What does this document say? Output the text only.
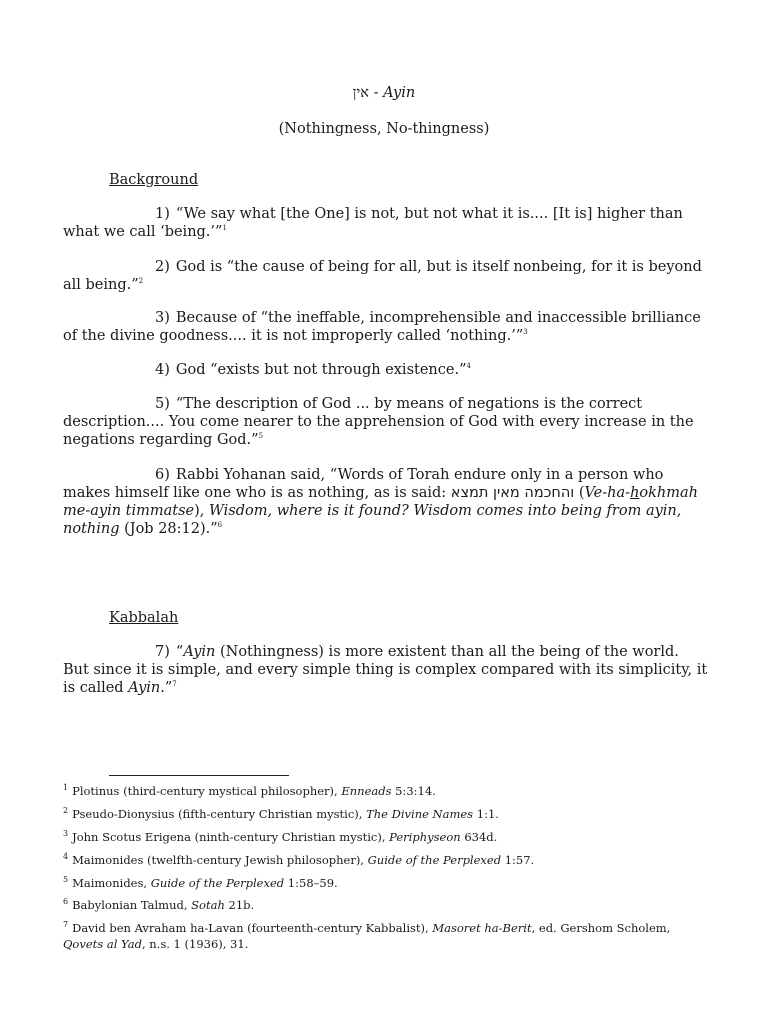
אין - Ayin
(Nothingness, No-thingness)
Background

1) “We say what [the One] is not, but not what it is.... [It is] higher than what we call ‘being.’”$^1$

2) God is “the cause of being for all, but is itself nonbeing, for it is beyond all being.”$^2$

3) Because of “the ineffable, incomprehensible and inaccessible brilliance of the divine goodness.... it is not improperly called ‘nothing.’”$^3$

4) God “exists but not through existence.”$^4$

5) “The description of God ... by means of negations is the correct description.... You come nearer to the apprehension of God with every increase in the negations regarding God.”$^5$

6) Rabbi Yohanan said, “Words of Torah endure only in a person who makes himself like one who is as nothing, as is said: והחכמה מאין תמצא (Ve-ha-hokhmah me-ayin timmatse), Wisdom, where is it found? Wisdom comes into being from ayin, nothing (Job 28:12).”$^6$

Kabbalah

7) “Ayin (Nothingness) is more existent than all the being of the world. But since it is simple, and every simple thing is complex compared with its simplicity, it is called Ayin.”$^7$

$^1$ Plotinus (third-century mystical philosopher), Enneads 5:3:14.
$^2$ Pseudo-Dionysius (fifth-century Christian mystic), The Divine Names 1:1.
$^3$ John Scotus Erigena (ninth-century Christian mystic), Periphyseon 634d.
$^4$ Maimonides (twelfth-century Jewish philosopher), Guide of the Perplexed 1:57.
$^5$ Maimonides, Guide of the Perplexed 1:58–59.
$^6$ Babylonian Talmud, Sotah 21b.
$^7$ David ben Avraham ha-Lavan (fourteenth-century Kabbalist), Masoret ha-Berit, ed. Gershom Scholem, Qovets al Yad, n.s. 1 (1936), 31.
